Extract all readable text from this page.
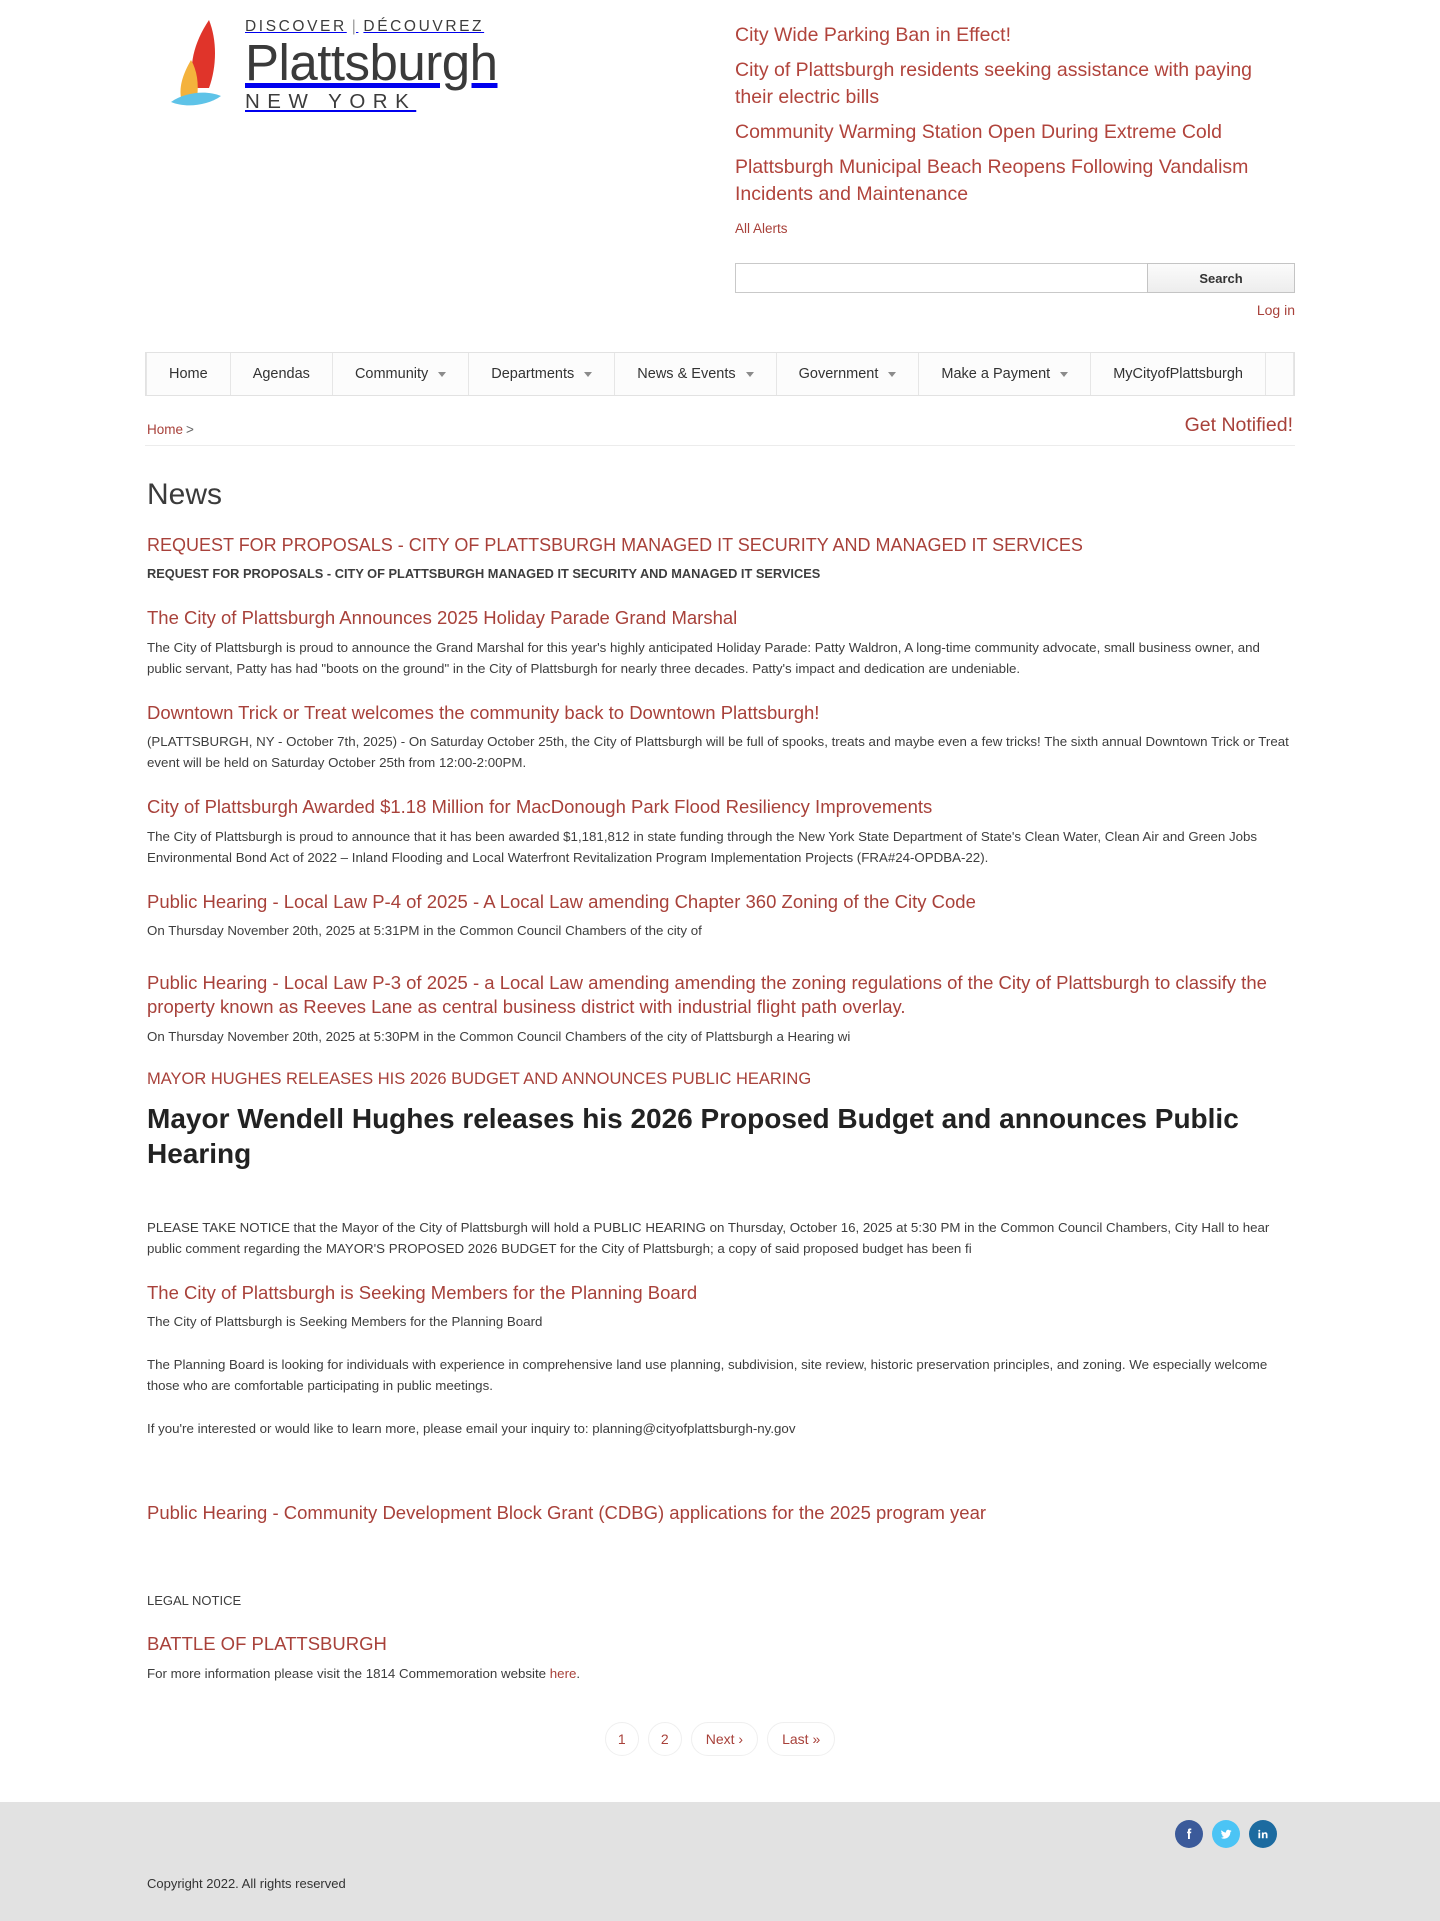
DISCOVER | DÉCOUVREZ
Plattsburgh
NEW YORK
City Wide Parking Ban in Effect!
City of Plattsburgh residents seeking assistance with paying their electric bills
Community Warming Station Open During Extreme Cold
Plattsburgh Municipal Beach Reopens Following Vandalism Incidents and Maintenance
All Alerts
Search
Log in
Home	Agendas	Community	Departments	News & Events	Government	Make a Payment	MyCityofPlattsburgh
Home >	Get Notified!
News
REQUEST FOR PROPOSALS - CITY OF PLATTSBURGH MANAGED IT SECURITY AND MANAGED IT SERVICES

REQUEST FOR PROPOSALS - CITY OF PLATTSBURGH MANAGED IT SECURITY AND MANAGED IT SERVICES

The City of Plattsburgh Announces 2025 Holiday Parade Grand Marshal

The City of Plattsburgh is proud to announce the Grand Marshal for this year's highly anticipated Holiday Parade: Patty Waldron, A long-time community advocate, small business owner, and public servant, Patty has had "boots on the ground" in the City of Plattsburgh for nearly three decades. Patty's impact and dedication are undeniable.

Downtown Trick or Treat welcomes the community back to Downtown Plattsburgh!

(PLATTSBURGH, NY - October 7th, 2025) - On Saturday October 25th, the City of Plattsburgh will be full of spooks, treats and maybe even a few tricks! The sixth annual Downtown Trick or Treat event will be held on Saturday October 25th from 12:00-2:00PM.

City of Plattsburgh Awarded $1.18 Million for MacDonough Park Flood Resiliency Improvements

The City of Plattsburgh is proud to announce that it has been awarded $1,181,812 in state funding through the New York State Department of State's Clean Water, Clean Air and Green Jobs Environmental Bond Act of 2022 – Inland Flooding and Local Waterfront Revitalization Program Implementation Projects (FRA#24-OPDBA-22).

Public Hearing - Local Law P-4 of 2025 - A Local Law amending Chapter 360 Zoning of the City Code

On Thursday November 20th, 2025 at 5:31PM in the Common Council Chambers of the city of

Public Hearing - Local Law P-3 of 2025 - a Local Law amending amending the zoning regulations of the City of Plattsburgh to classify the property known as Reeves Lane as central business district with industrial flight path overlay.

On Thursday November 20th, 2025 at 5:30PM in the Common Council Chambers of the city of Plattsburgh a Hearing wi

MAYOR HUGHES RELEASES HIS 2026 BUDGET AND ANNOUNCES PUBLIC HEARING
Mayor Wendell Hughes releases his 2026 Proposed Budget and announces Public Hearing

PLEASE TAKE NOTICE that the Mayor of the City of Plattsburgh will hold a PUBLIC HEARING on Thursday, October 16, 2025 at 5:30 PM in the Common Council Chambers, City Hall to hear public comment regarding the MAYOR'S PROPOSED 2026 BUDGET for the City of Plattsburgh; a copy of said proposed budget has been fi

The City of Plattsburgh is Seeking Members for the Planning Board

The City of Plattsburgh is Seeking Members for the Planning Board

The Planning Board is looking for individuals with experience in comprehensive land use planning, subdivision, site review, historic preservation principles, and zoning. We especially welcome those who are comfortable participating in public meetings.

If you're interested or would like to learn more, please email your inquiry to: planning@cityofplattsburgh-ny.gov

Public Hearing - Community Development Block Grant (CDBG) applications for the 2025 program year

LEGAL NOTICE

BATTLE OF PLATTSBURGH

For more information please visit the 1814 Commemoration website here.

1	2	Next ›	Last »
Copyright 2022. All rights reserved
